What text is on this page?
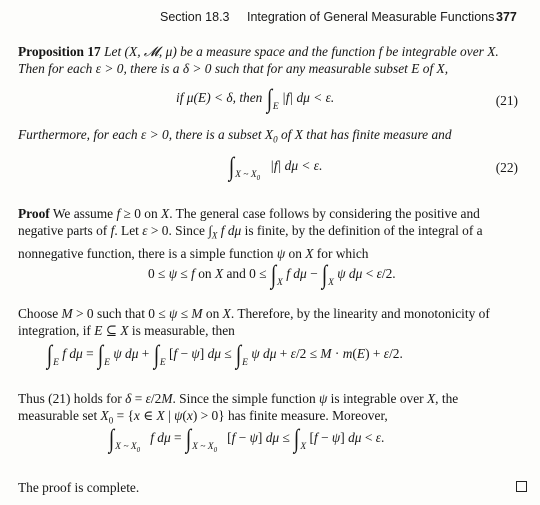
Section 18.3 Integration of General Measurable Functions 377
Proposition 17 Let (X, 𝓜, μ) be a measure space and the function f be integrable over X.
Then for each ε > 0, there is a δ > 0 such that for any measurable subset E of X,
if μ(E) < δ, then $\int_E$ |f| dμ < ε.	(21)
Furthermore, for each ε > 0, there is a subset $X_0$ of X that has finite measure and
$\int_{X \sim X_0}$   |f| dμ < ε.	(22)
Proof We assume f ≥ 0 on X. The general case follows by considering the positive and
negative parts of f. Let ε > 0. Since $\int_X$ f dμ is finite, by the definition of the integral of a
nonnegative function, there is a simple function ψ on X for which
0 ≤ ψ ≤ f on X and $0 \le \int_X$ f $d\mu - \int_X$ ψ dμ < ε/2.
Choose M > 0 such that 0 ≤ ψ ≤ M on X. Therefore, by the linearity and monotonicity of
integration, if E ⊆ X is measurable, then
$\int_E$ f $d\mu = \int_E$ ψ $d\mu + \int_E$ [f − ψ] $d\mu \le \int_E$ ψ dμ + ε/2 ≤ M · m(E) + ε/2.
Thus (21) holds for δ = ε/2M. Since the simple function ψ is integrable over X, the
measurable set $X_0 = \{x$ ∈ X | ψ(x) > 0} has finite measure. Moreover,
$\int_{X \sim X_0}$   f $d\mu = \int_{X \sim X_0}$   [f − ψ] $d\mu \le \int_X$ [f − ψ] dμ < ε.
The proof is complete.
